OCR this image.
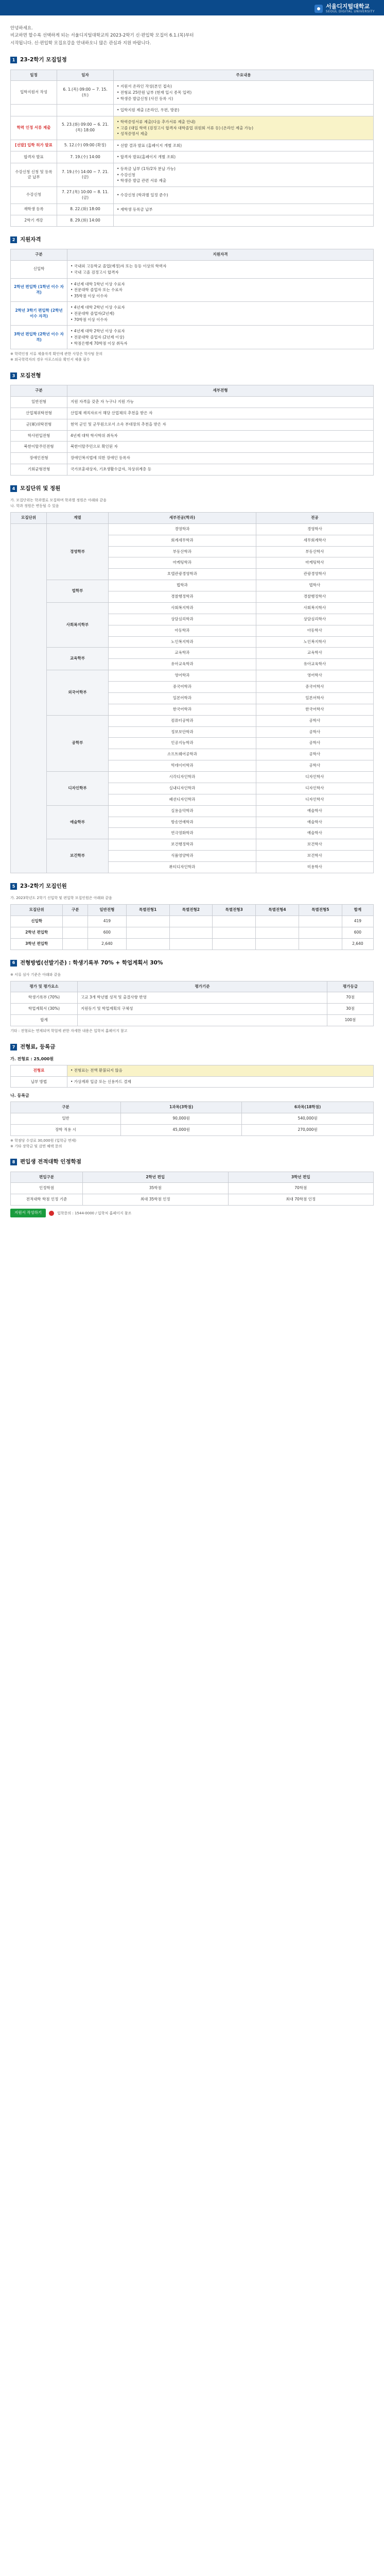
서울디지털대학교
SEOUL DIGITAL UNIVERSITY
안녕하세요.
비교하면 할수록 선택하게 되는 서울디지털대학교의 2023-2학기 신·편입학 모집이 6.1.(목)부터
시작됩니다. 신·편입학 모집요강을 안내하오니 많은 관심과 지원 바랍니다.
1 23-2학기 모집일정
일정	일자	주요내용
입학지원서 작성	6. 1.(목) 09:00 ~ 7. 15.(토)	• 지원서 온라인 작성(본인 접속)
• 전형료 25만원 납부 (현재 입시 종목 입력)
• 학생증 발급신청 (사진 등록 시)

		• 입학지원 제출 (온라인, 우편, 방문)

학력 인정 서류 제출	5. 23.(화) 09:00 ~ 6. 21.(목) 18:00	• 학력증빙서류 제출(다음 추가서류 제출 안내)
• 고졸 (대입 학력 (검정고시 합격자 대학졸업 위원회 서류 등) (온라인 제출 가능)
• 성적증명서 제출

[선발] 입학 허가 발표	5. 12.(수) 09:00 (확정)	• 선발 결과 발표 (홈페이지 개별 조회)

합격자 발표	7. 19.(수) 14:00	• 합격자 발표(홈페이지 개별 조회)

수강신청 신청 및 등록금 납부	7. 19.(수) 14:00 ~ 7. 21.(금)	• 등록금 납부 (1차/2차 분납 가능)
• 수강신청
• 학생증 발급 관련 서류 제출

수강신청	7. 27.(목) 10:00 ~ 8. 11.(금)	• 수강신청 (학과별 일정 준수)

재학생 등록	8. 22.(화) 18:00	• 재학생 등록금 납부

2학기 개강	8. 29.(화) 14:00	
2 지원자격
구분	지원자격
신입학	• 국내외 고등학교 졸업(예정)자 또는 동등 이상의 학력자
• 국내 고졸 검정고시 합격자

2학년 편입학 (1학년 이수 자격)	• 4년제 대학 1학년 이상 수료자
• 전문대학 졸업자 또는 수료자
• 35학점 이상 이수자

2학년 3학기 편입학 (2학년 이수 자격)	• 4년제 대학 2학년 이상 수료자
• 전문대학 졸업자(2년제)
• 70학점 이상 이수자

3학년 편입학 (2학년 이수 자격)	• 4년제 대학 2학년 이상 수료자
• 전문대학 졸업자 (2년제 이상)
• 학점은행제 70학점 이상 취득자
※ 학력인정 서류 제출자격 확인에 관한 사항은 학사팀 문의
※ 외국학력자의 경우 아포스티유 확인서 제출 필수
3 모집전형
구분	세부전형
일반전형	지원 자격을 갖춘 자 누구나 지원 가능
산업체위탁전형	산업체 재직자로서 해당 산업체의 추천을 받은 자
군(軍)위탁전형	현역 군인 및 군무원으로서 소속 부대장의 추천을 받은 자
학사편입전형	4년제 대학 학사학위 취득자
북한이탈주민전형	북한이탈주민으로 확인된 자
장애인전형	장애인복지법에 의한 장애인 등록자
기회균형전형	국가보훈대상자, 기초생활수급자, 차상위계층 등
4 모집단위 및 정원
가. 모집단위는 학과별로 모집하며 학과별 정원은 아래와 같음
나. 학과 정원은 변동될 수 있음
모집단위	계열	세부전공(학과)	전공
	경영학부	경영학과	경영학사
		회계세무학과	세무회계학사
		부동산학과	부동산학사
		마케팅학과	마케팅학사
		호텔관광경영학과	관광경영학사
	법학부	법학과	법학사
		경찰행정학과	경찰행정학사
	사회복지학부	사회복지학과	사회복지학사
		상담심리학과	상담심리학사
		아동학과	아동학사
		노인복지학과	노인복지학사
	교육학부	교육학과	교육학사
		유아교육학과	유아교육학사
	외국어학부	영어학과	영어학사
		중국어학과	중국어학사
		일본어학과	일본어학사
		한국어학과	한국어학사
	공학부	컴퓨터공학과	공학사
		정보보안학과	공학사
		인공지능학과	공학사
		소프트웨어공학과	공학사
		빅데이터학과	공학사
	디자인학부	시각디자인학과	디자인학사
		실내디자인학과	디자인학사
		패션디자인학과	디자인학사
	예술학부	실용음악학과	예술학사
		방송연예학과	예술학사
		연극영화학과	예술학사
	보건학부	보건행정학과	보건학사
		식품영양학과	보건학사
		뷰티디자인학과	미용학사
5 23-2학기 모집인원
가. 2023학년도 2학기 신입학 및 편입학 모집인원은 아래와 같음
모집단위	구분	일반전형	특별전형1	특별전형2	특별전형3	특별전형4	특별전형5	합계
신입학		419						419
2학년 편입학		600						600
3학년 편입학		2,640						2,640
6 전형방법(선발기준) : 학생기록부 70% + 학업계획서 30%
※ 서류 심사 기준은 아래와 같음
평가 및 평가요소	평가기준	평가등급
학생기록부 (70%)	고교 3개 학년별 성적 및 출결사항 반영	70점
학업계획서 (30%)	지원동기 및 학업계획의 구체성	30점
합계		100점
기타 : 전형료는 면제되며 학업에 관한 자세한 내용은 입학처 홈페이지 참고
7 전형료, 등록금
가. 전형료 : 25,000원
전형료	• 전형료는 전액 환불되지 않음
납부 방법	• 가상계좌 입금 또는 신용카드 결제
나. 등록금
구분	1과목(3학점)	6과목(18학점)
일반	90,000원	540,000원
장학 적용 시	45,000원	270,000원
※ 학점당 수강료 30,000원 (입학금 면제)
※ 기타 장학금 및 감면 혜택 문의
8 편입생 전적대학 인정학점
편입구분	2학년 편입	3학년 편입
인정학점	35학점	70학점
전적대학 학점 인정 기준	최대 35학점 인정	최대 70학점 인정
지원서 작성하기	입학문의 : 1544-0000 / 입학처 홈페이지 참조
